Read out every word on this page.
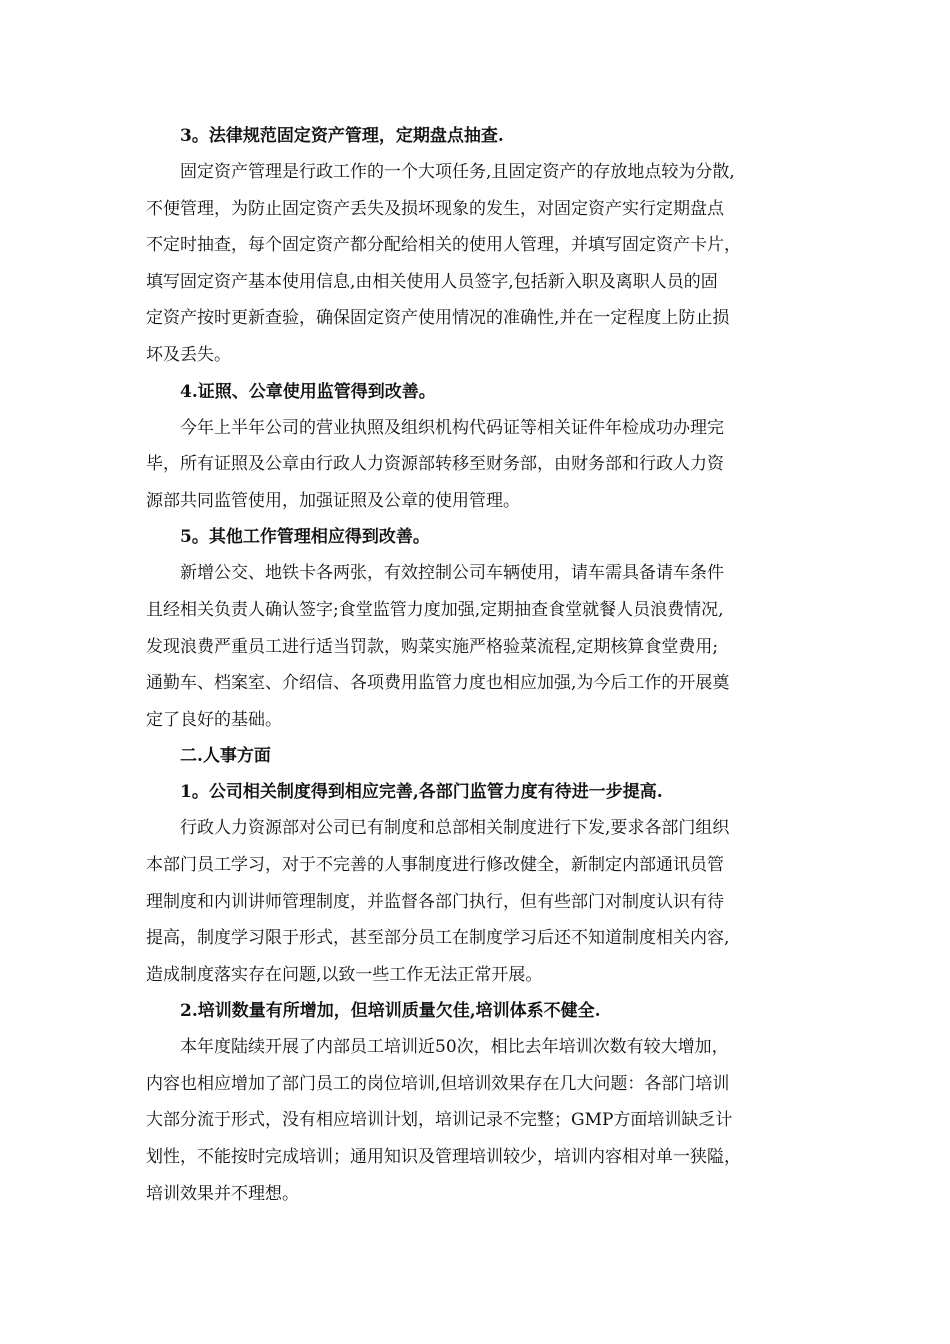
3。法律规范固定资产管理，定期盘点抽查.

固定资产管理是行政工作的一个大项任务,且固定资产的存放地点较为分散,
不便管理，为防止固定资产丢失及损坏现象的发生，对固定资产实行定期盘点
不定时抽查，每个固定资产都分配给相关的使用人管理，并填写固定资产卡片，
填写固定资产基本使用信息,由相关使用人员签字,包括新入职及离职人员的固
定资产按时更新查验，确保固定资产使用情况的准确性,并在一定程度上防止损
坏及丢失。

4.证照、公章使用监管得到改善。

今年上半年公司的营业执照及组织机构代码证等相关证件年检成功办理完
毕，所有证照及公章由行政人力资源部转移至财务部，由财务部和行政人力资
源部共同监管使用，加强证照及公章的使用管理。

5。其他工作管理相应得到改善。

新增公交、地铁卡各两张，有效控制公司车辆使用，请车需具备请车条件
且经相关负责人确认签字;食堂监管力度加强,定期抽查食堂就餐人员浪费情况,
发现浪费严重员工进行适当罚款，购菜实施严格验菜流程,定期核算食堂费用;
通勤车、档案室、介绍信、各项费用监管力度也相应加强,为今后工作的开展奠
定了良好的基础。

二.人事方面

1。公司相关制度得到相应完善,各部门监管力度有待进一步提高.

行政人力资源部对公司已有制度和总部相关制度进行下发,要求各部门组织
本部门员工学习，对于不完善的人事制度进行修改健全，新制定内部通讯员管
理制度和内训讲师管理制度，并监督各部门执行，但有些部门对制度认识有待
提高，制度学习限于形式，甚至部分员工在制度学习后还不知道制度相关内容,
造成制度落实存在问题,以致一些工作无法正常开展。

2.培训数量有所增加，但培训质量欠佳,培训体系不健全.

本年度陆续开展了内部员工培训近50次，相比去年培训次数有较大增加，
内容也相应增加了部门员工的岗位培训,但培训效果存在几大问题：各部门培训
大部分流于形式，没有相应培训计划，培训记录不完整；GMP方面培训缺乏计
划性，不能按时完成培训；通用知识及管理培训较少，培训内容相对单一狭隘，
培训效果并不理想。
